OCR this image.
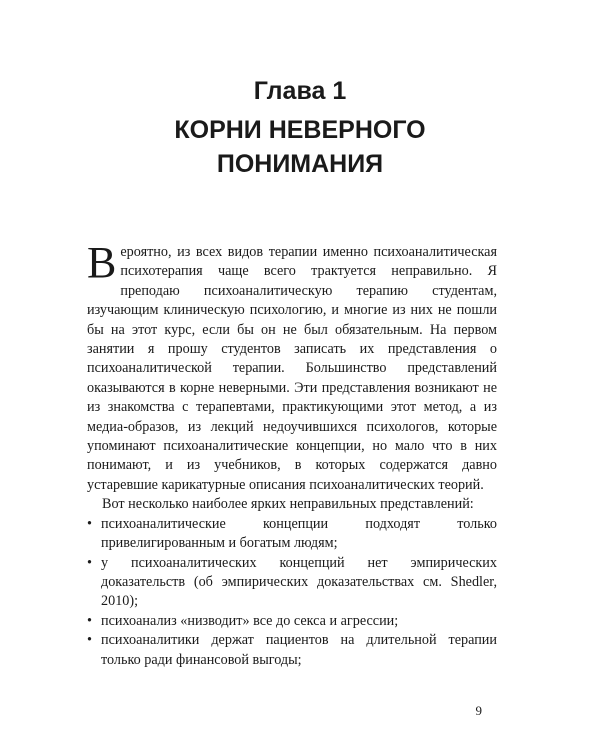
Глава 1
КОРНИ НЕВЕРНОГО
ПОНИМАНИЯ

Вероятно, из всех видов терапии именно психоаналитическая психотерапия чаще всего трактуется неправильно. Я преподаю психоаналитическую терапию студентам, изучающим клиническую психологию, и многие из них не пошли бы на этот курс, если бы он не был обязательным. На первом занятии я прошу студентов записать их представления о психоаналитической терапии. Большинство представлений оказываются в корне неверными. Эти представления возникают не из знакомства с терапевтами, практикующими этот метод, а из медиа-образов, из лекций недоучившихся психологов, которые упоминают психоаналитические концепции, но мало что в них понимают, и из учебников, в которых содержатся давно устаревшие карикатурные описания психоаналитических теорий.

Вот несколько наиболее ярких неправильных представлений:

• психоаналитические концепции подходят только привелигированным и богатым людям;
• у психоаналитических концепций нет эмпирических доказательств (об эмпирических доказательствах см. Shedler, 2010);
• психоанализ «низводит» все до секса и агрессии;
• психоаналитики держат пациентов на длительной терапии только ради финансовой выгоды;
9
